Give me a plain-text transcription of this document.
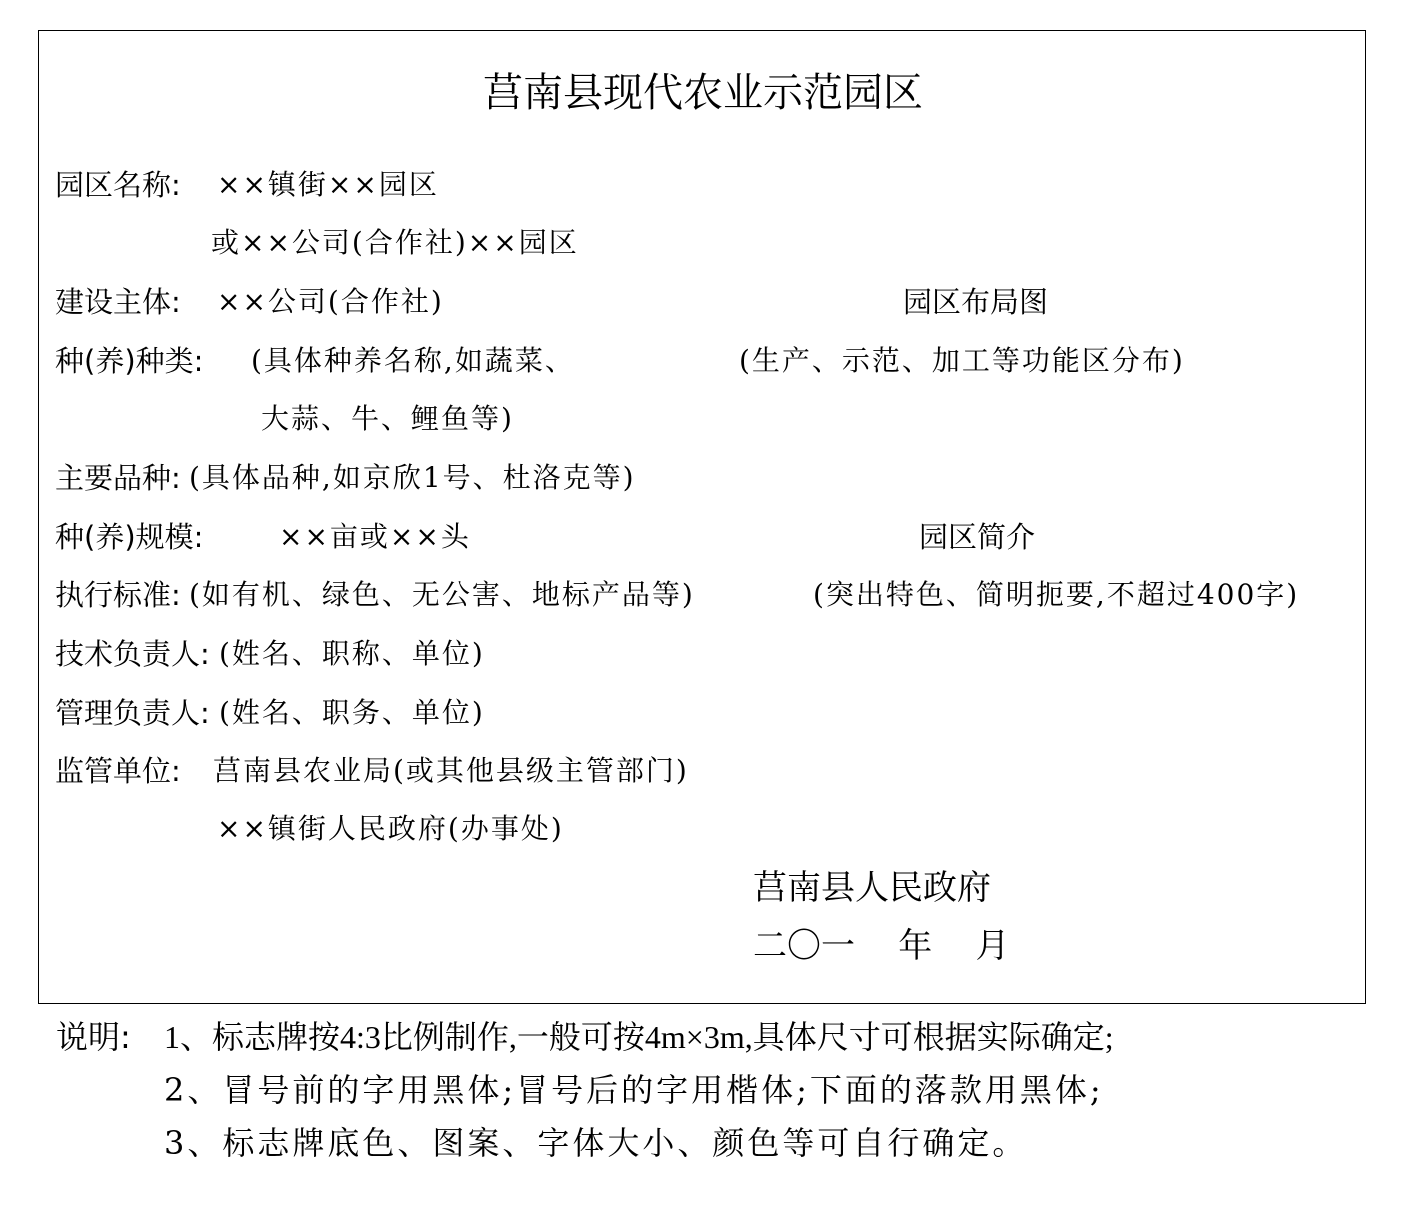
莒南县现代农业示范园区
园区名称: ××镇街××园区
或××公司(合作社)××园区
建设主体: ××公司(合作社)
种(养)种类: (具体种养名称,如蔬菜、
大蒜、牛、鲤鱼等)
主要品种: (具体品种,如京欣1号、杜洛克等)
种(养)规模:	××亩或××头
执行标准: (如有机、绿色、无公害、地标产品等)
技术负责人: (姓名、职称、单位)
管理负责人: (姓名、职务、单位)
监管单位: 莒南县农业局(或其他县级主管部门)
××镇街人民政府(办事处)
园区布局图
(生产、示范、加工等功能区分布)
园区简介
(突出特色、简明扼要,不超过400字)
莒南县人民政府
二〇一    年    月
说明: 1、标志牌按4:3比例制作,一般可按4m×3m,具体尺寸可根据实际确定;
2、冒号前的字用黑体;冒号后的字用楷体;下面的落款用黑体;
3、标志牌底色、图案、字体大小、颜色等可自行确定。
